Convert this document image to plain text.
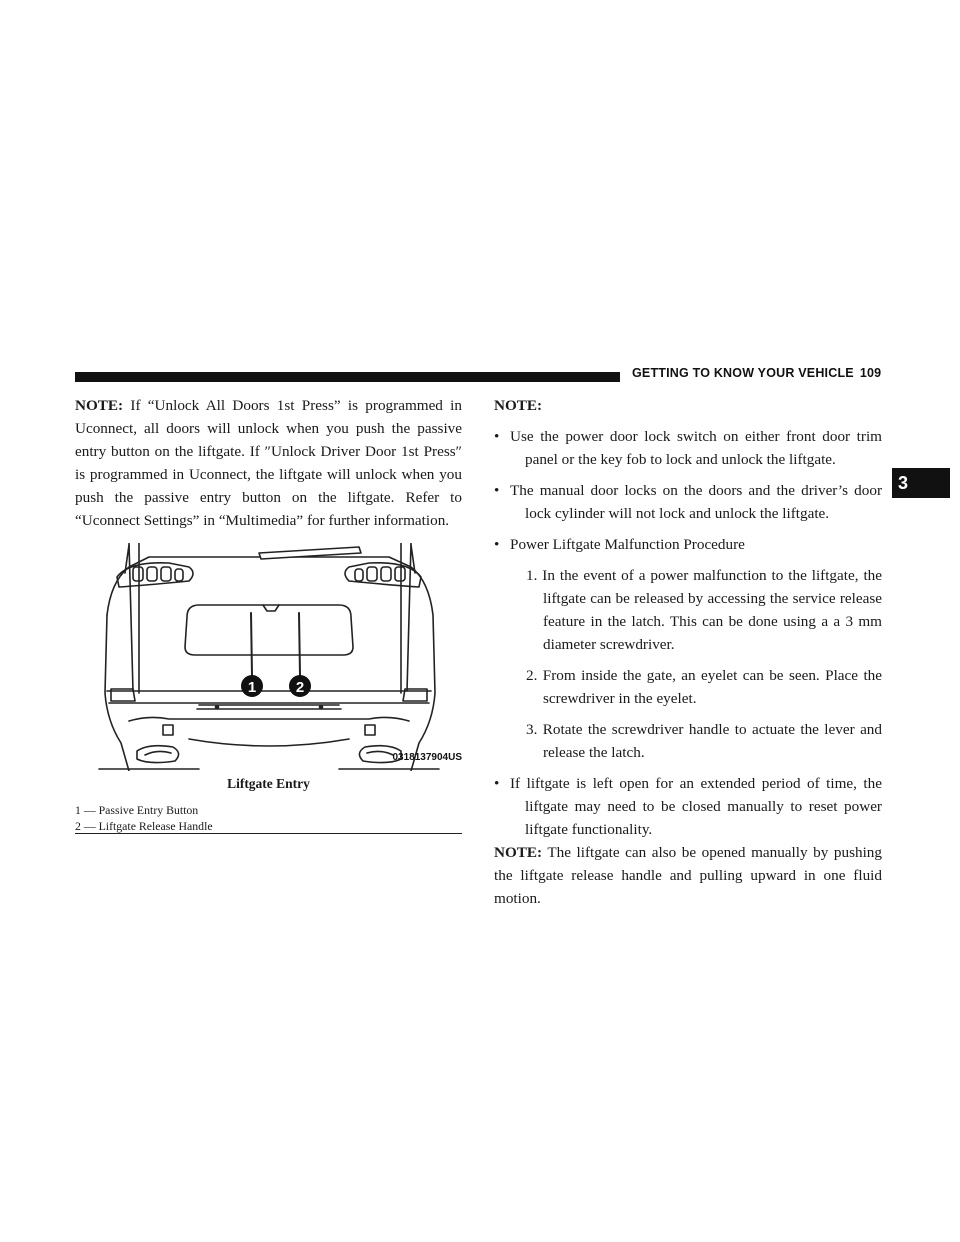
GETTING TO KNOW YOUR VEHICLE 109
3

NOTE: If “Unlock All Doors 1st Press” is programmed in Uconnect, all doors will unlock when you push the passive entry button on the liftgate. If ″Unlock Driver Door 1st Press″ is programmed in Uconnect, the liftgate will unlock when you push the passive entry button on the liftgate. Refer to “Uconnect Settings” in “Multimedia” for further information.

1	2
0318137904US
Liftgate Entry
1 — Passive Entry Button
2 — Liftgate Release Handle
NOTE:
• Use the power door lock switch on either front door trim panel or the key fob to lock and unlock the liftgate.
• The manual door locks on the doors and the driver’s door lock cylinder will not lock and unlock the liftgate.
• Power Liftgate Malfunction Procedure
1. In the event of a power malfunction to the liftgate, the liftgate can be released by accessing the service release feature in the latch. This can be done using a a 3 mm diameter screwdriver.
2. From inside the gate, an eyelet can be seen. Place the screwdriver in the eyelet.
3. Rotate the screwdriver handle to actuate the lever and release the latch.
• If liftgate is left open for an extended period of time, the liftgate may need to be closed manually to reset power liftgate functionality.

NOTE: The liftgate can also be opened manually by pushing the liftgate release handle and pulling upward in one fluid motion.
